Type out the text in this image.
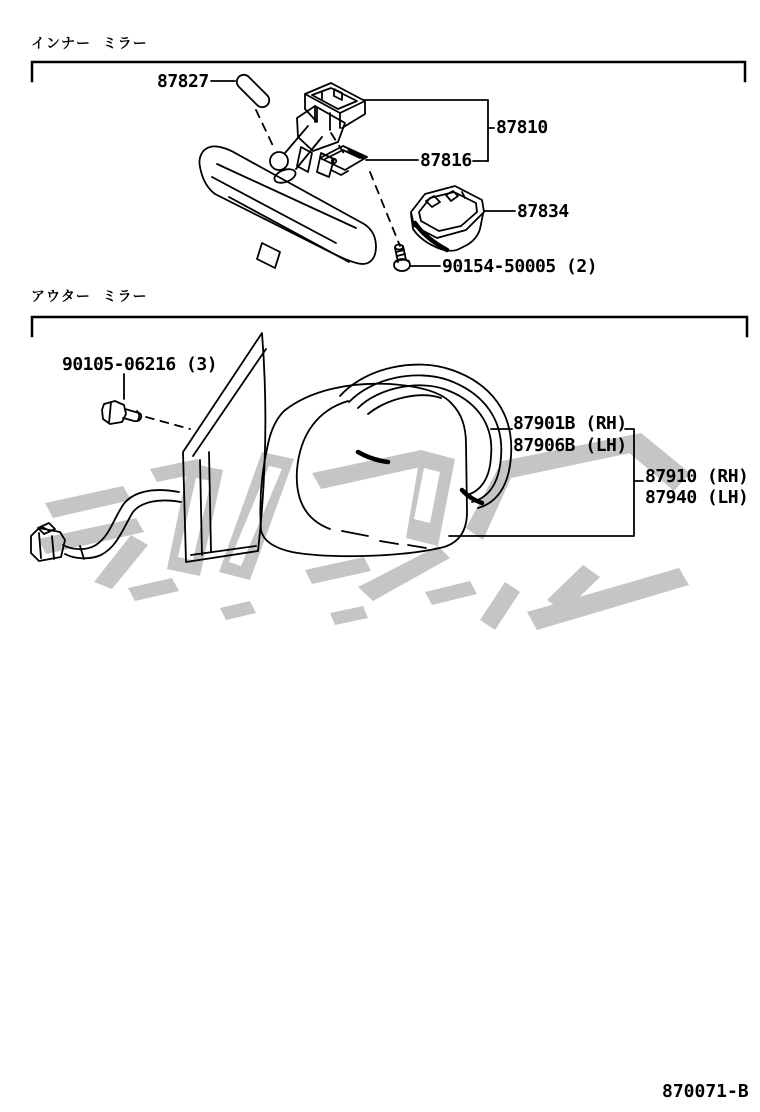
インナー  ミラー
アウター  ミラー
87827
87810
87816
87834
90154-50005 (2)
90105-06216 (3)
87901B (RH)
87906B (LH)
87910 (RH)
87940 (LH)
870071-B
